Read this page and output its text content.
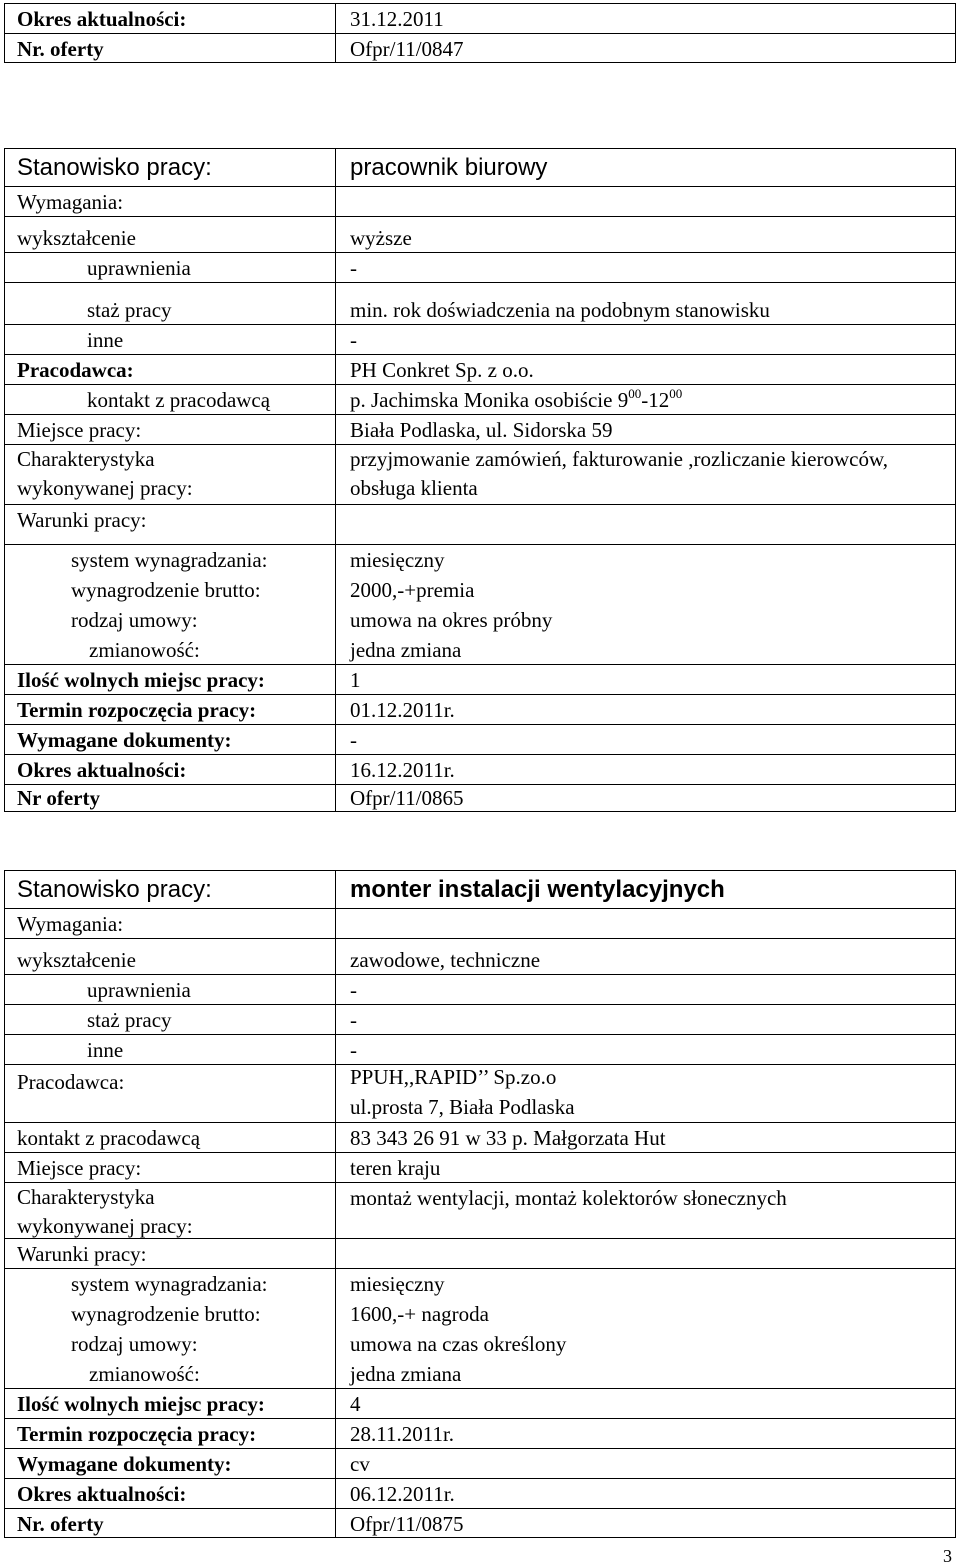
Okres aktualności:	31.12.2011
Nr. oferty	Ofpr/11/0847
Stanowisko pracy:	pracownik biurowy
Wymagania:
wykształcenie	wyższe
uprawnienia	-
staż pracy	min. rok doświadczenia na podobnym stanowisku
inne	-
Pracodawca:	PH Conkret Sp. z o.o.
kontakt z pracodawcą	p. Jachimska Monika osobiście $9^{00}-12^{00}$
Miejsce pracy:	Biała Podlaska, ul. Sidorska 59
Charakterystyka
wykonywanej pracy:
przyjmowanie zamówień, fakturowanie ,rozliczanie kierowców, obsługa klienta
Warunki pracy:
system wynagradzania:	miesięczny
wynagrodzenie brutto:	2000,-+premia
rodzaj umowy:	umowa na okres próbny
zmianowość:	jedna zmiana
Ilość wolnych miejsc pracy:	1
Termin rozpoczęcia pracy:	01.12.2011r.
Wymagane dokumenty:	-
Okres aktualności:	16.12.2011r.
Nr oferty	Ofpr/11/0865
Stanowisko pracy:	monter instalacji wentylacyjnych
Wymagania:
wykształcenie	zawodowe, techniczne
uprawnienia	-
staż pracy	-
inne	-
Pracodawca:	PPUH,,RAPID’’ Sp.zo.o
ul.prosta 7, Biała Podlaska
kontakt z pracodawcą	83 343 26 91 w 33 p. Małgorzata Hut
Miejsce pracy:	teren kraju
Charakterystyka
wykonywanej pracy:
montaż wentylacji, montaż kolektorów słonecznych
Warunki pracy:
system wynagradzania:	miesięczny
wynagrodzenie brutto:	1600,-+ nagroda
rodzaj umowy:	umowa na czas określony
zmianowość:	jedna zmiana
Ilość wolnych miejsc pracy:	4
Termin rozpoczęcia pracy:	28.11.2011r.
Wymagane dokumenty:	cv
Okres aktualności:	06.12.2011r.
Nr. oferty	Ofpr/11/0875
3
